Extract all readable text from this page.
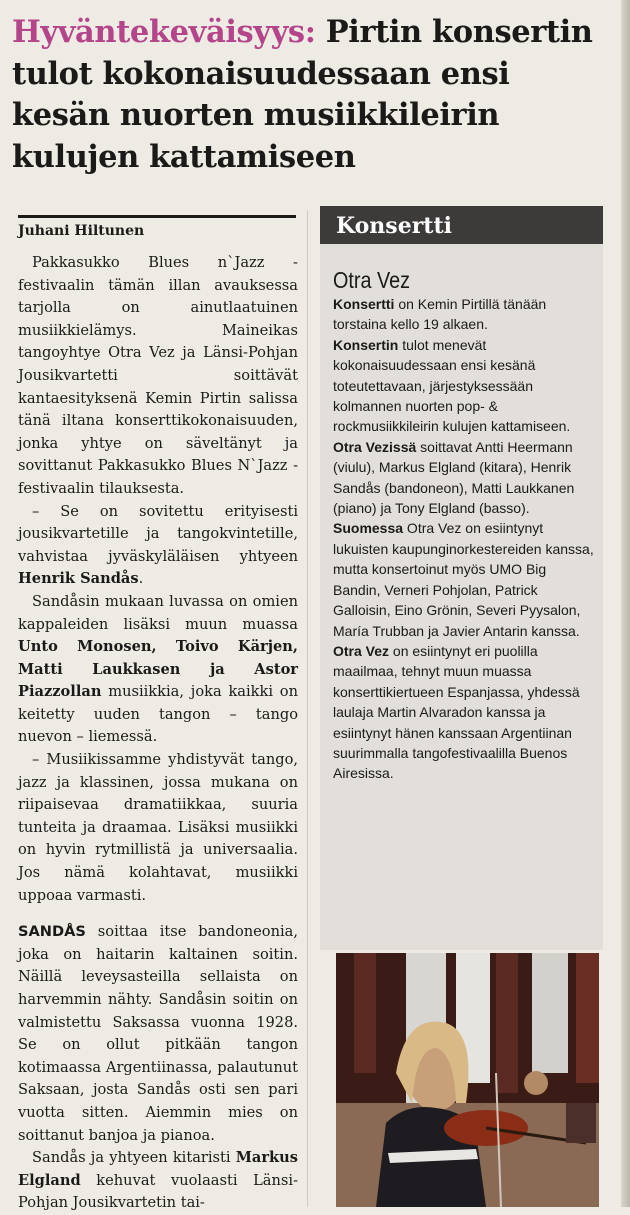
Hyväntekeväisyys: Pirtin konsertin tulot kokonaisuudessaan ensi kesän nuorten musiikkileirin kulujen kattamiseen
Juhani Hiltunen

Pakkasukko Blues n`Jazz -festivaalin tämän illan avauksessa tarjolla on ainutlaatuinen musiikkielämys. Maineikas tangoyhtye Otra Vez ja Länsi-Pohjan Jousikvartetti soittävät kantaesityksenä Kemin Pirtin salissa tänä iltana konserttikokonaisuuden, jonka yhtye on säveltänyt ja sovittanut Pakkasukko Blues N`Jazz -festivaalin tilauksesta.

– Se on sovitettu erityisesti jousikvartetille ja tangokvintetille, vahvistaa jyväskyläläisen yhtyeen Henrik Sandås.

Sandåsin mukaan luvassa on omien kappaleiden lisäksi muun muassa Unto Monosen, Toivo Kärjen, Matti Laukkasen ja Astor Piazzollan musiikkia, joka kaikki on keitetty uuden tangon – tango nuevon – liemessä.

– Musiikissamme yhdistyvät tango, jazz ja klassinen, jossa mukana on riipaisevaa dramatiikkaa, suuria tunteita ja draamaa. Lisäksi musiikki on hyvin rytmillistä ja universaalia. Jos nämä kolahtavat, musiikki uppoaa varmasti.

SANDÅS soittaa itse bandoneonia, joka on haitarin kaltainen soitin. Näillä leveysasteilla sellaista on harvemmin nähty. Sandåsin soitin on valmistettu Saksassa vuonna 1928. Se on ollut pitkään tangon kotimaassa Argentiinassa, palautunut Saksaan, josta Sandås osti sen pari vuotta sitten. Aiemmin mies on soittanut banjoa ja pianoa.

Sandås ja yhtyeen kitaristi Markus Elgland kehuvat vuolaasti Länsi-Pohjan Jousikvartetin tai-

Konsertti
Otra Vez

Konsertti on Kemin Pirtillä tänään torstaina kello 19 alkaen.

Konsertin tulot menevät kokonaisuudessaan ensi kesänä toteutettavaan, järjestyksessään kolmannen nuorten pop- & rockmusiikkileirin kulujen kattamiseen.

Otra Vezissä soittavat Antti Heermann (viulu), Markus Elgland (kitara), Henrik Sandås (bandoneon), Matti Laukkanen (piano) ja Tony Elgland (basso).

Suomessa Otra Vez on esiintynyt lukuisten kaupunginorkestereiden kanssa, mutta konsertoinut myös UMO Big Bandin, Verneri Pohjolan, Patrick Galloisin, Eino Grönin, Severi Pyysalon, María Trubban ja Javier Antarin kanssa.

Otra Vez on esiintynyt eri puolilla maailmaa, tehnyt muun muassa konserttikiertueen Espanjassa, yhdessä laulaja Martin Alvaradon kanssa ja esiintynyt hänen kanssaan Argentiinan suurimmalla tangofestivaalilla Buenos Airesissa.
